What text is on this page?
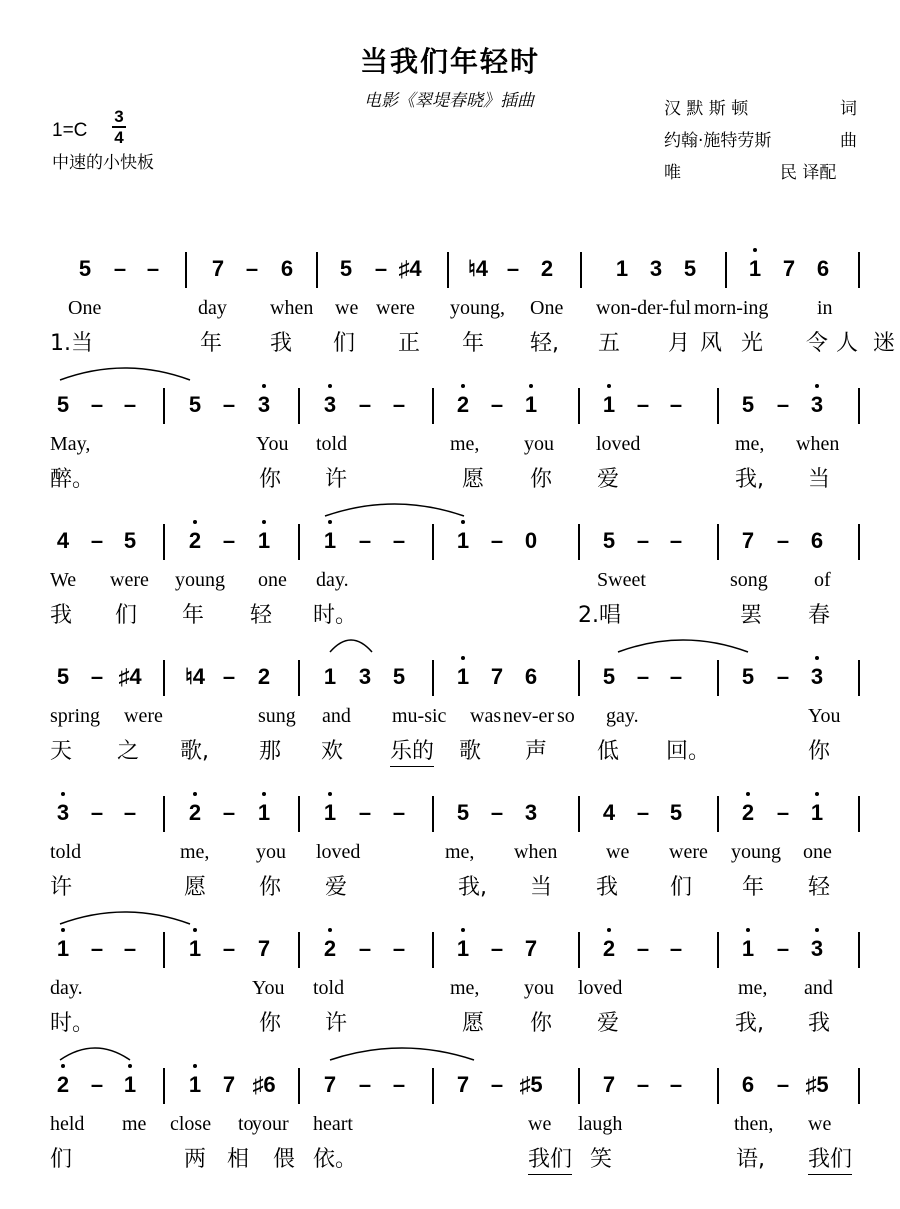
当我们年轻时
电影《翠堤春晓》插曲
1=C
3
4
中速的小快板
汉 默 斯 顿	词
约翰·施特劳斯	曲
唯	民 译配
5	– –	7 –	6	5	– ♯4 ♮4 – 2	1 3 5	1 7 6
One	day when we were young, One won-der-ful morn-ing in
1.当	年 我 们 正 年 轻, 五 月 风 光 令 人 迷
5 – –	5 –	3	3	– –	2 – 1	1 – –	5	– 3
May,	You told	me, you loved	me, when
醉。	你 许	愿 你 爱	我, 当
4 – 5	2 –	1	1	– –	1 – 0	5 – –	7	– 6
We were young one day.	Sweet	song of
我 们 年 轻 时。	2.唱	罢 春
5 – ♯4 ♮4 –	2	1	3 5	1 7 6	5 – –	5	– 3
spring were	sung and mu-sic was nev-er so gay.	You
天 之 歌, 那 欢 乐的 歌 声 低 回。	你
3 – –	2 –	1	1	– –	5 – 3	4 – 5	2	– 1
told	me, you loved	me, when we were young one
许	愿 你 爱	我, 当 我 们 年 轻
1 – –	1 –	7	2	– –	1 – 7	2 – –	1	– 3
day.	You told	me, you loved	me, and
时。	你 许	愿 你 爱	我, 我
2 – 1	1 7 ♯6	7	– –	7 – ♯5	7 – –	6	– ♯5
held me close to
your heart	we laugh	then, we
们	两 相 偎 依。	我们 笑	语, 我们
